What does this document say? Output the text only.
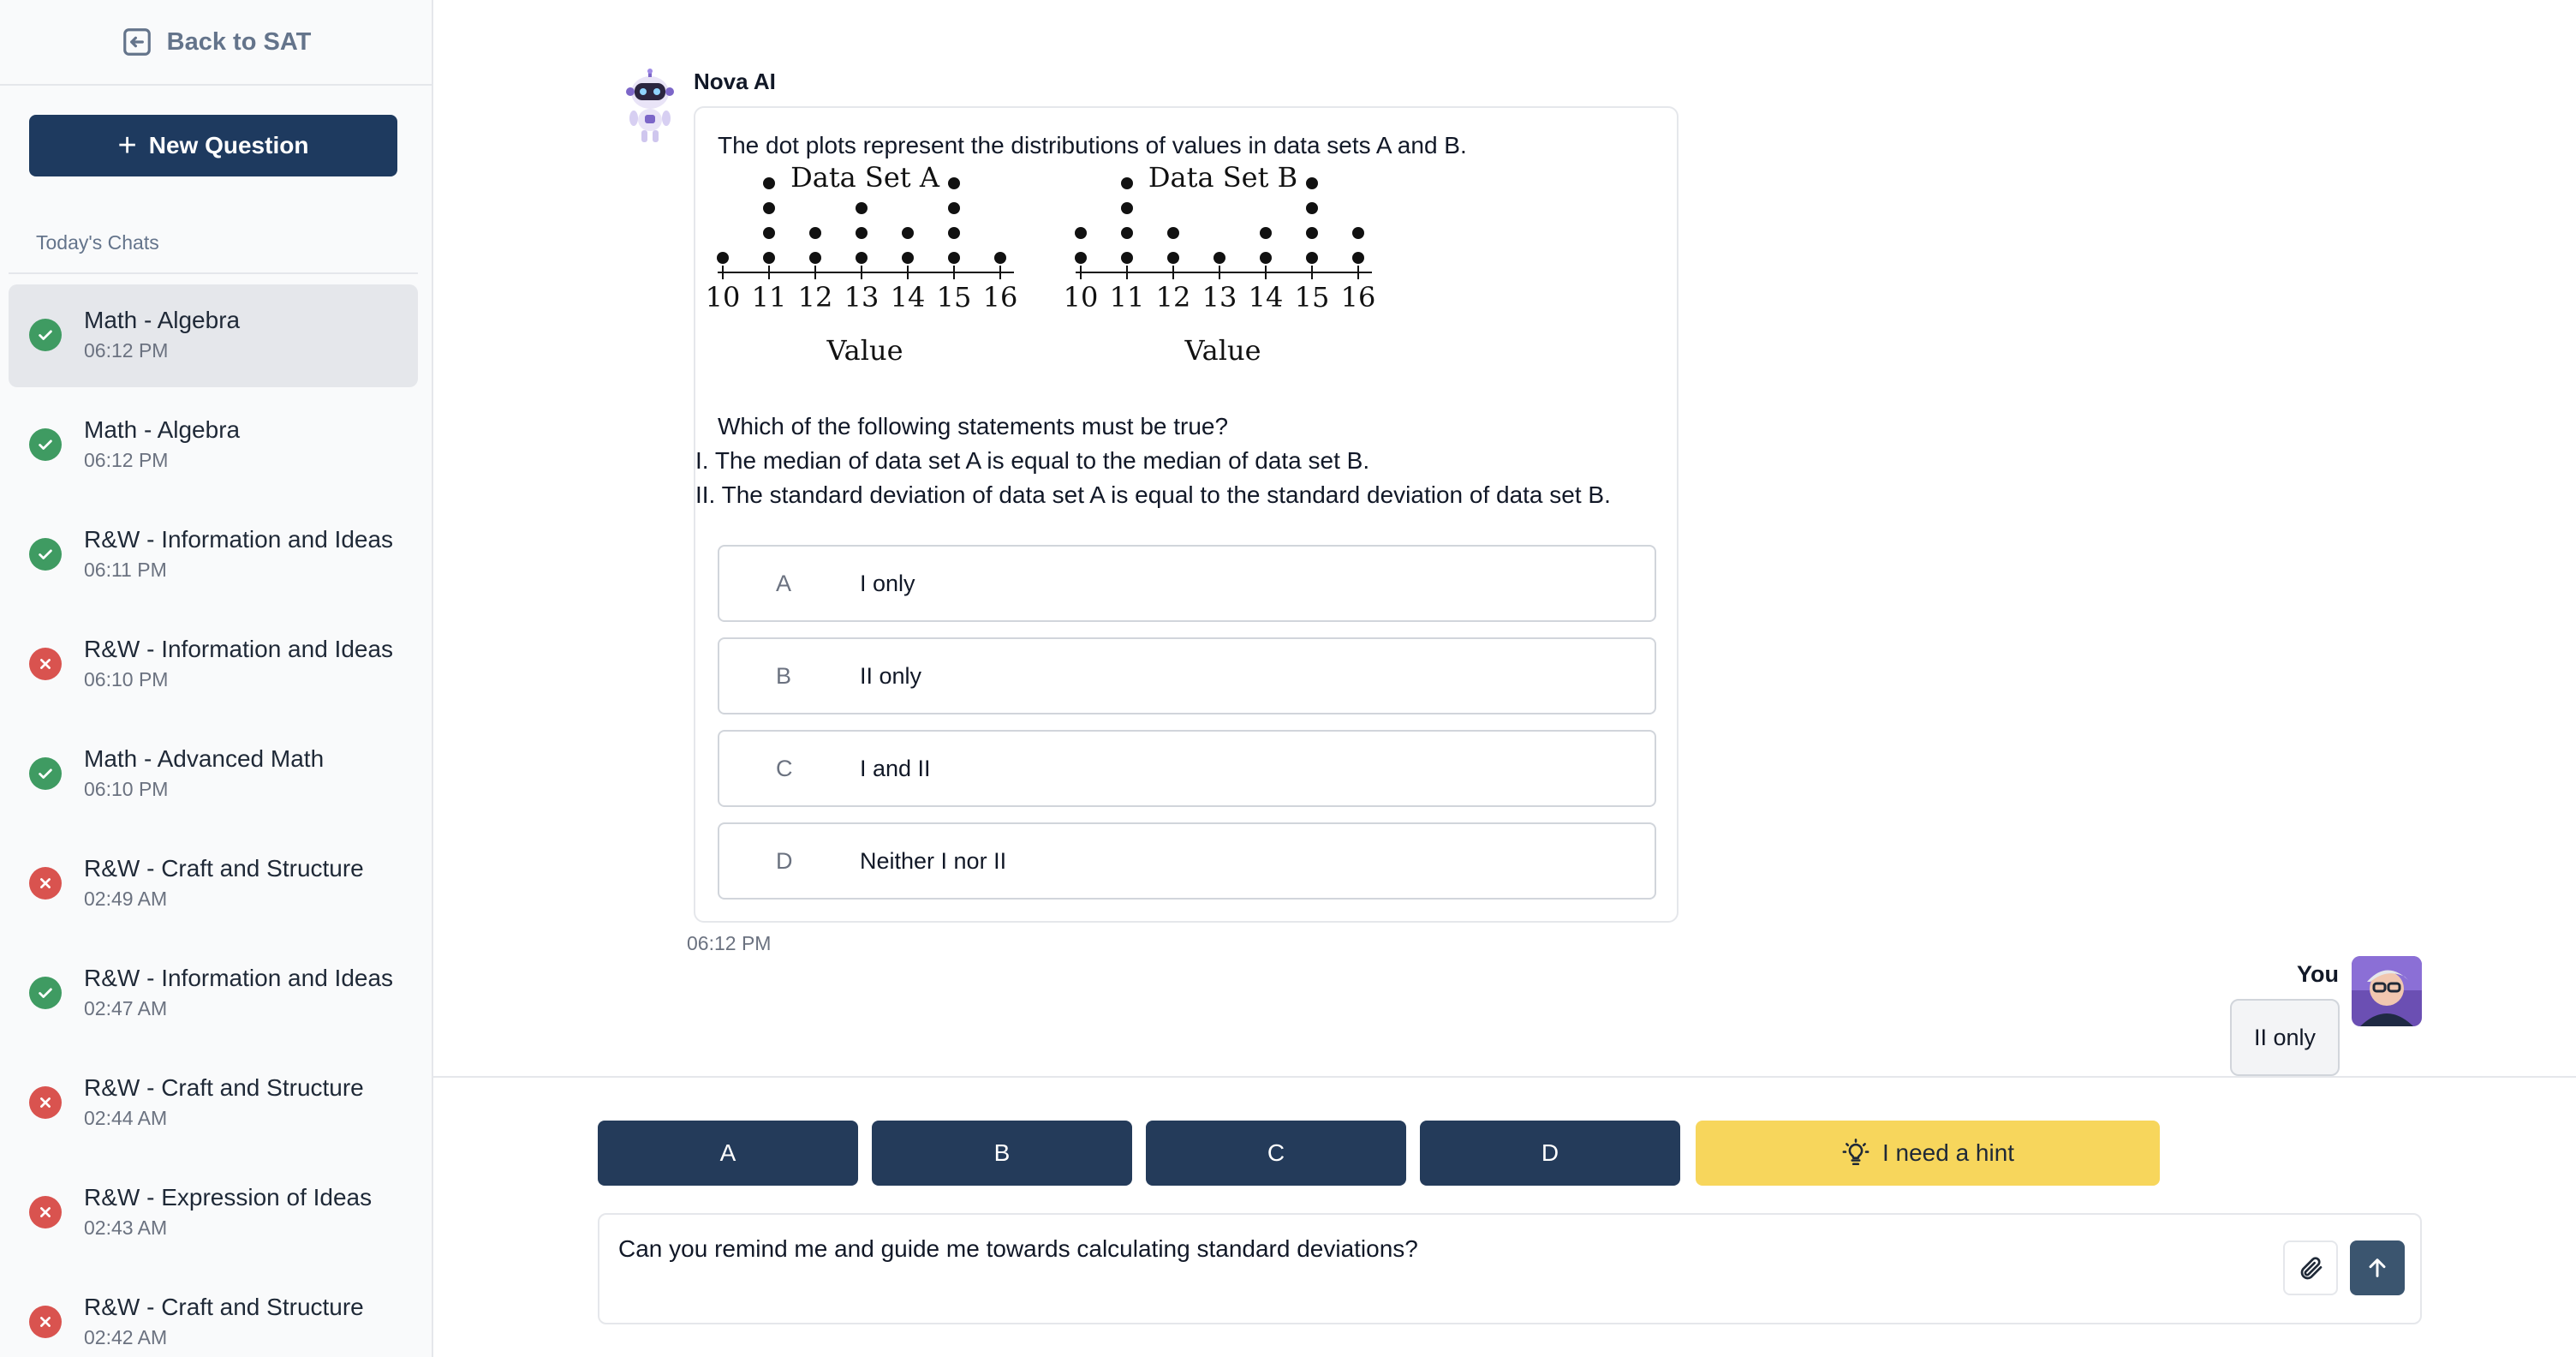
Back to SAT
+ New Question
Today's Chats
Math - Algebra
06:12 PM
Math - Algebra
06:12 PM
R&W - Information and Ideas
06:11 PM
R&W - Information and Ideas
06:10 PM
Math - Advanced Math
06:10 PM
R&W - Craft and Structure
02:49 AM
R&W - Information and Ideas
02:47 AM
R&W - Craft and Structure
02:44 AM
R&W - Expression of Ideas
02:43 AM
R&W - Craft and Structure
02:42 AM
Nova AI
The dot plots represent the distributions of values in data sets A and B.
Data Set A
10 11 12 13 14 15 16
Value
Data Set B
10 11 12 13 14 15 16
Value
Which of the following statements must be true?
I. The median of data set A is equal to the median of data set B.
II. The standard deviation of data set A is equal to the standard deviation of data set B.
A	I only
B	II only
C	I and II
D	Neither I nor II
06:12 PM
You
II only
A	B	C	D	I need a hint
Can you remind me and guide me towards calculating standard deviations?
